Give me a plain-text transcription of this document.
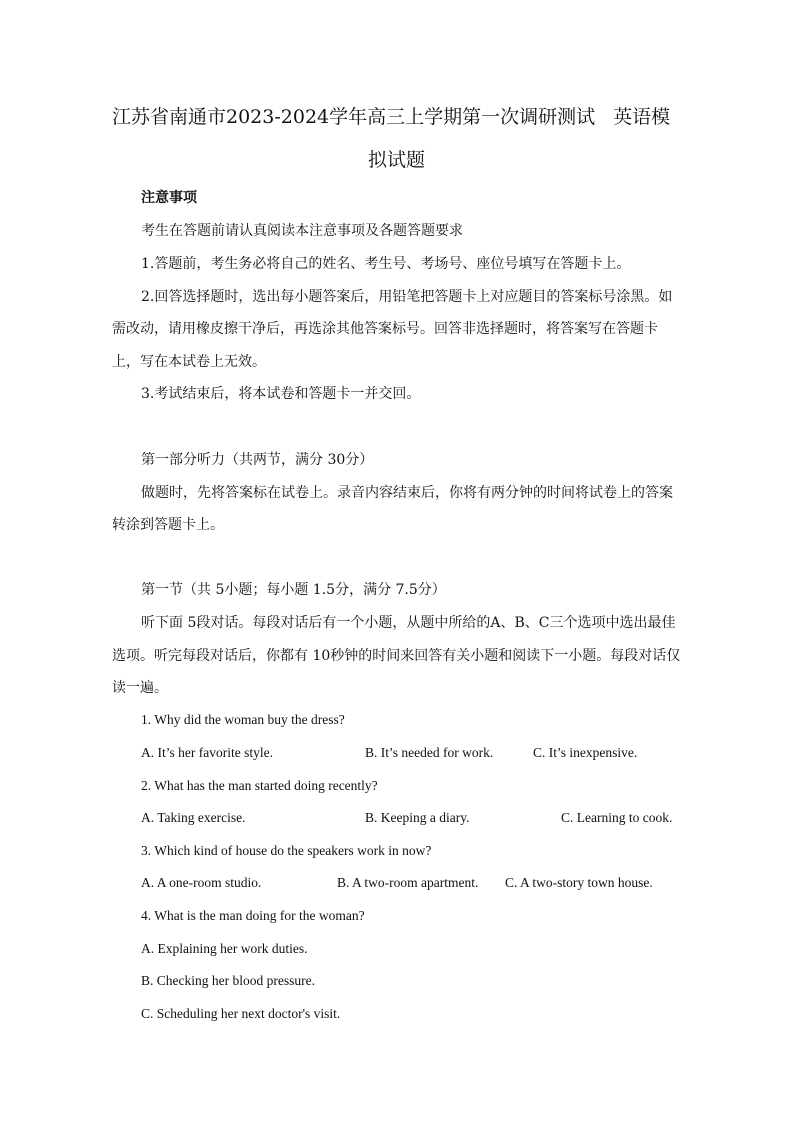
江苏省南通市2023-2024学年高三上学期第一次调研测试 英语模
拟试题
注意事项
考生在答题前请认真阅读本注意事项及各题答题要求
1.答题前，考生务必将自己的姓名、考生号、考场号、座位号填写在答题卡上。
2.回答选择题时，选出每小题答案后，用铅笔把答题卡上对应题目的答案标号涂黑。如
需改动，请用橡皮擦干净后，再选涂其他答案标号。回答非选择题时，将答案写在答题卡
上，写在本试卷上无效。
3.考试结束后，将本试卷和答题卡一并交回。
第一部分听力（共两节，满分 30分）
做题时，先将答案标在试卷上。录音内容结束后，你将有两分钟的时间将试卷上的答案
转涂到答题卡上。
第一节（共 5小题；每小题 1.5分，满分 7.5分）
听下面 5段对话。每段对话后有一个小题，从题中所给的A、B、C三个选项中选出最佳
选项。听完每段对话后，你都有 10秒钟的时间来回答有关小题和阅读下一小题。每段对话仅
读一遍。
1. Why did the woman buy the dress?
A. It’s her favorite style.	B. It’s needed for work.	C. It’s inexpensive.
2. What has the man started doing recently?
A. Taking exercise.	B. Keeping a diary.	C. Learning to cook.
3. Which kind of house do the speakers work in now?
A. A one-room studio.	B. A two-room apartment. C. A two-story town house.
4. What is the man doing for the woman?
A. Explaining her work duties.
B. Checking her blood pressure.
C. Scheduling her next doctor's visit.
